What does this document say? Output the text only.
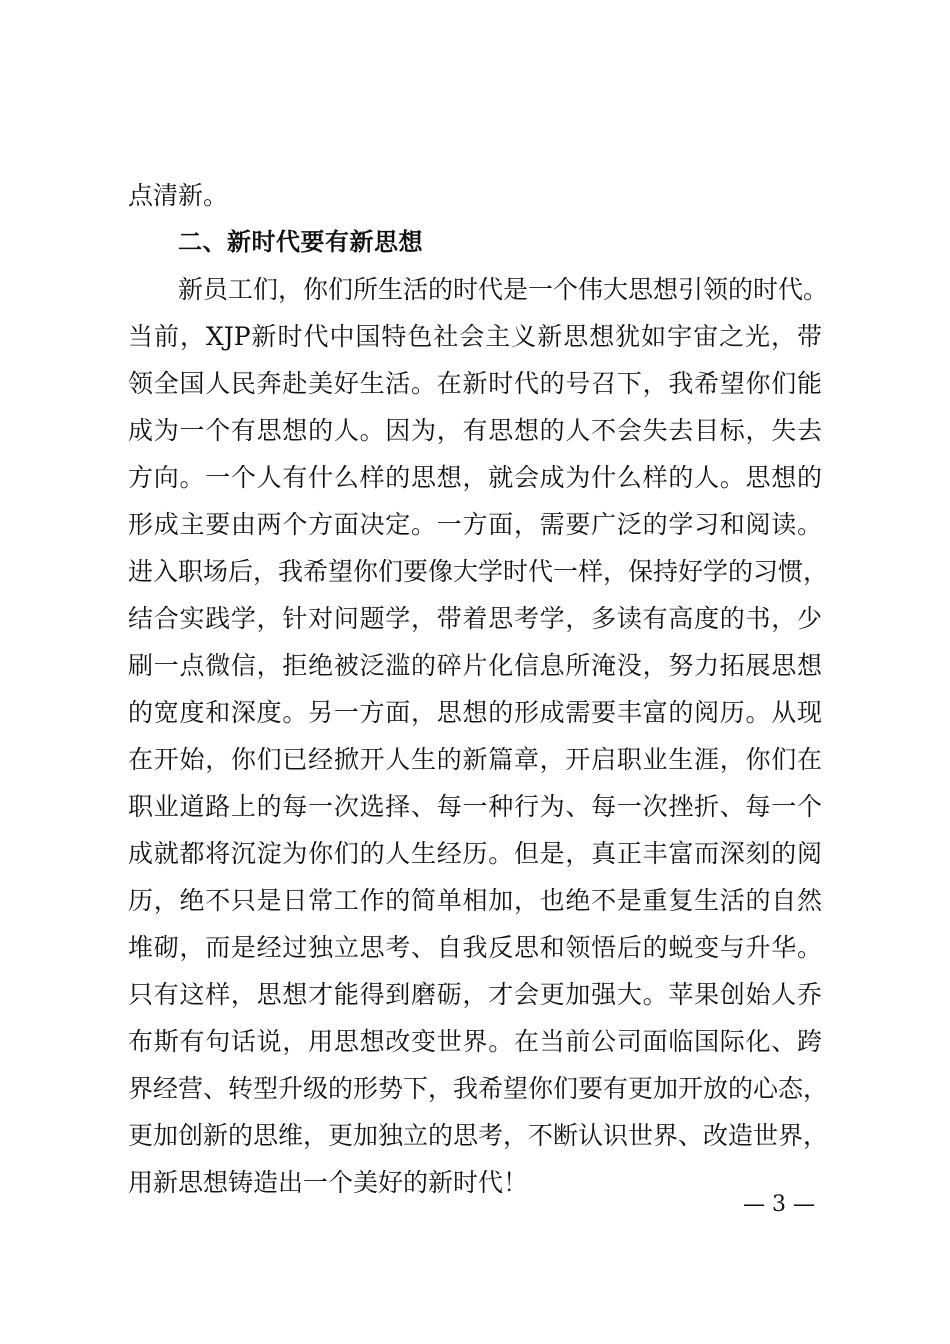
点清新。
二、新时代要有新思想
新员工们，你们所生活的时代是一个伟大思想引领的时代。
当前，XJP新时代中国特色社会主义新思想犹如宇宙之光，带
领全国人民奔赴美好生活。在新时代的号召下，我希望你们能
成为一个有思想的人。因为，有思想的人不会失去目标，失去
方向。一个人有什么样的思想，就会成为什么样的人。思想的
形成主要由两个方面决定。一方面，需要广泛的学习和阅读。
进入职场后，我希望你们要像大学时代一样，保持好学的习惯，
结合实践学，针对问题学，带着思考学，多读有高度的书，少
刷一点微信，拒绝被泛滥的碎片化信息所淹没，努力拓展思想
的宽度和深度。另一方面，思想的形成需要丰富的阅历。从现
在开始，你们已经掀开人生的新篇章，开启职业生涯，你们在
职业道路上的每一次选择、每一种行为、每一次挫折、每一个
成就都将沉淀为你们的人生经历。但是，真正丰富而深刻的阅
历，绝不只是日常工作的简单相加，也绝不是重复生活的自然
堆砌，而是经过独立思考、自我反思和领悟后的蜕变与升华。
只有这样，思想才能得到磨砺，才会更加强大。苹果创始人乔
布斯有句话说，用思想改变世界。在当前公司面临国际化、跨
界经营、转型升级的形势下，我希望你们要有更加开放的心态，
更加创新的思维，更加独立的思考，不断认识世界、改造世界，
用新思想铸造出一个美好的新时代！
— 3 —
